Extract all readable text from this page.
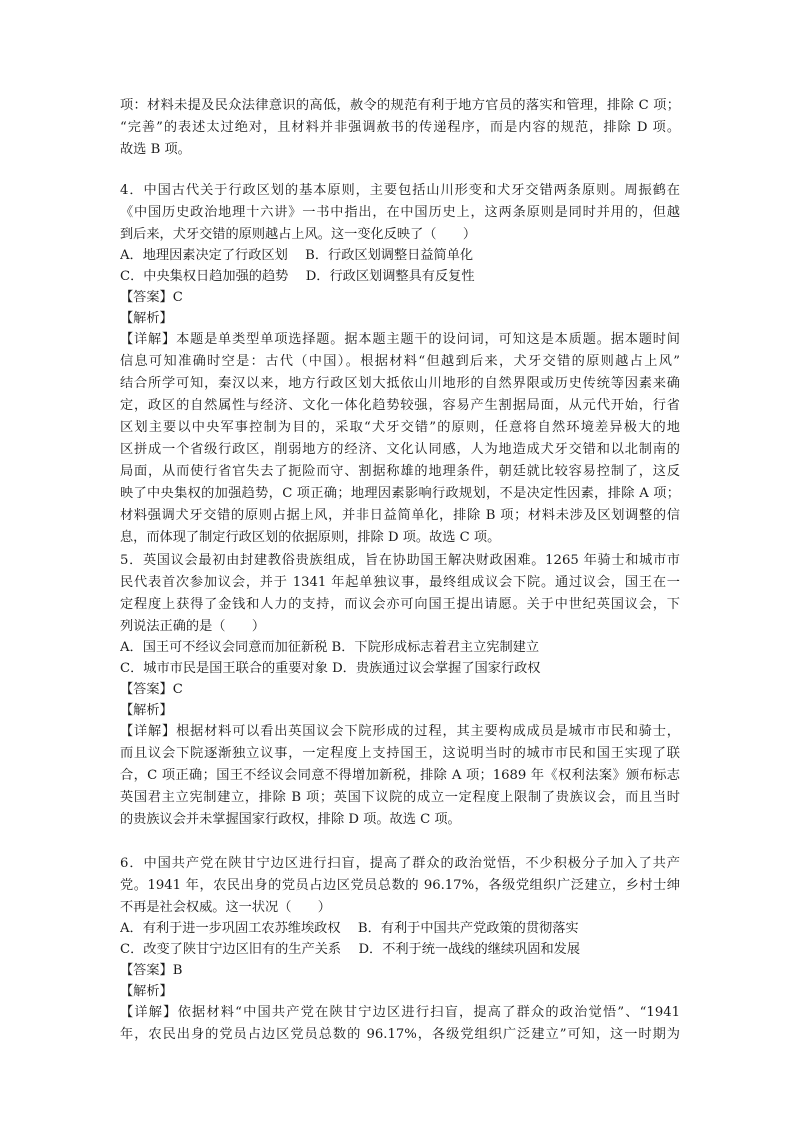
项：材料未提及民众法律意识的高低，赦令的规范有利于地方官员的落实和管理，排除 C 项；
“完善”的表述太过绝对，且材料并非强调赦书的传递程序，而是内容的规范，排除 D 项。
故选 B 项。
4．中国古代关于行政区划的基本原则，主要包括山川形变和犬牙交错两条原则。周振鹤在
《中国历史政治地理十六讲》一书中指出，在中国历史上，这两条原则是同时并用的，但越
到后来，犬牙交错的原则越占上风。这一变化反映了（　　）
A．地理因素决定了行政区划　 B．行政区划调整日益简单化
C．中央集权日趋加强的趋势　 D．行政区划调整具有反复性
【答案】C
【解析】
【详解】本题是单类型单项选择题。据本题主题干的设问词，可知这是本质题。据本题时间
信息可知准确时空是：古代（中国）。根据材料“但越到后来，犬牙交错的原则越占上风”
结合所学可知，秦汉以来，地方行政区划大抵依山川地形的自然界限或历史传统等因素来确
定，政区的自然属性与经济、文化一体化趋势较强，容易产生割据局面，从元代开始，行省
区划主要以中央军事控制为目的，采取“犬牙交错”的原则，任意将自然环境差异极大的地
区拼成一个省级行政区，削弱地方的经济、文化认同感，人为地造成犬牙交错和以北制南的
局面，从而使行省官失去了扼险而守、割据称雄的地理条件，朝廷就比较容易控制了，这反
映了中央集权的加强趋势，C 项正确；地理因素影响行政规划，不是决定性因素，排除 A 项；
材料强调犬牙交错的原则占据上风，并非日益简单化，排除 B 项；材料未涉及区划调整的信
息，而体现了制定行政区划的依据原则，排除 D 项。故选 C 项。
5．英国议会最初由封建教俗贵族组成，旨在协助国王解决财政困难。1265 年骑士和城市市
民代表首次参加议会，并于 1341 年起单独议事，最终组成议会下院。通过议会，国王在一
定程度上获得了金钱和人力的支持，而议会亦可向国王提出请愿。关于中世纪英国议会，下
列说法正确的是（　　）
A．国王可不经议会同意而加征新税 B．下院形成标志着君主立宪制建立
C．城市市民是国王联合的重要对象 D．贵族通过议会掌握了国家行政权
【答案】C
【解析】
【详解】根据材料可以看出英国议会下院形成的过程，其主要构成成员是城市市民和骑士，
而且议会下院逐渐独立议事，一定程度上支持国王，这说明当时的城市市民和国王实现了联
合，C 项正确；国王不经议会同意不得增加新税，排除 A 项；1689 年《权利法案》颁布标志
英国君主立宪制建立，排除 B 项；英国下议院的成立一定程度上限制了贵族议会，而且当时
的贵族议会并未掌握国家行政权，排除 D 项。故选 C 项。
6．中国共产党在陕甘宁边区进行扫盲，提高了群众的政治觉悟，不少积极分子加入了共产
党。1941 年，农民出身的党员占边区党员总数的 96.17%，各级党组织广泛建立，乡村士绅
不再是社会权威。这一状况（　　）
A．有利于进一步巩固工农苏维埃政权　 B．有利于中国共产党政策的贯彻落实
C．改变了陕甘宁边区旧有的生产关系　 D．不利于统一战线的继续巩固和发展
【答案】B
【解析】
【详解】依据材料“中国共产党在陕甘宁边区进行扫盲，提高了群众的政治觉悟”、“1941
年，农民出身的党员占边区党员总数的 96.17%，各级党组织广泛建立”可知，这一时期为
